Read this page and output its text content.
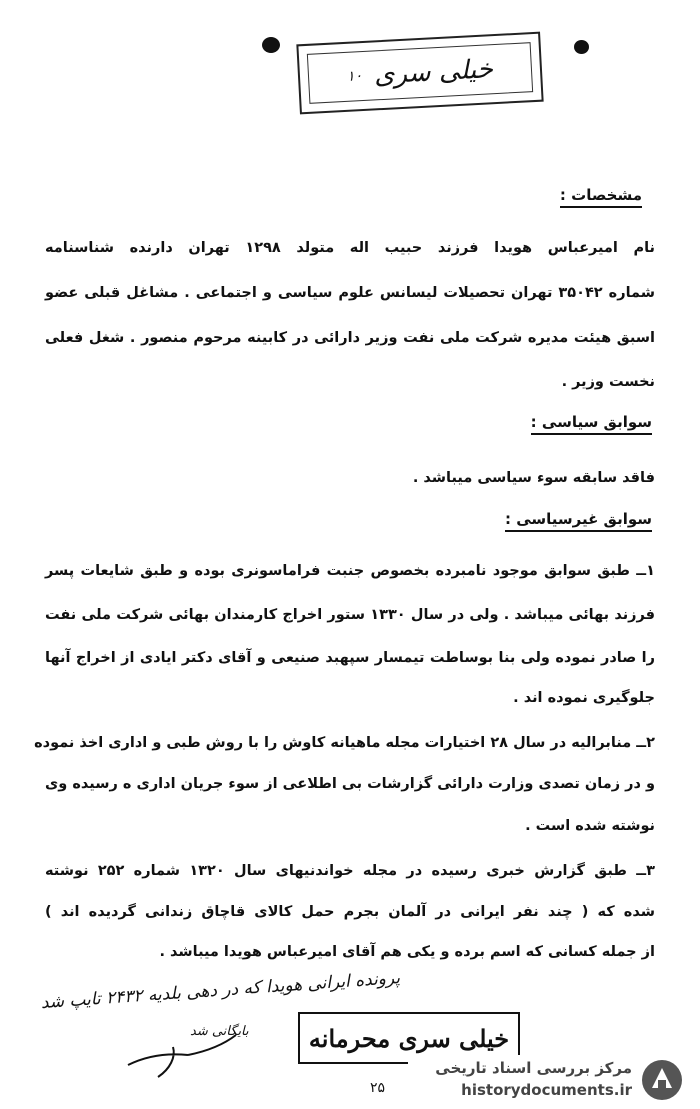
خیلی سری
۱۰
مشخصات :
نام امیرعباس هویدا فرزند حبیب اله متولد ۱۲۹۸ تهران دارنده شناسنامه
شماره ۳۵۰۴۲ تهران تحصیلات لیسانس علوم سیاسی و اجتماعی . مشاغل قبلی عضو
اسبق هیئت مدیره شرکت ملی نفت وزیر دارائی در کابینه مرحوم منصور . شغل فعلی
نخست وزیر .
سوابق سیاسی :
فاقد سابقه سوء سیاسی میباشد .
سوابق غیرسیاسی :
۱ــ طبق سوابق موجود نامبرده بخصوص جنبت فراماسونری بوده و طبق شایعات پسر
فرزند بهائی میباشد . ولی در سال ۱۳۳۰ ستور اخراج کارمندان بهائی شرکت ملی نفت
را صادر نموده ولی بنا بوساطت تیمسار سپهبد صنیعی و آقای دکتر ایادی از اخراج آنها
جلوگیری نموده اند .
۲ــ منابرالیه در سال ۲۸ اختیارات مجله ماهیانه کاوش را با روش طبی و اداری اخذ نموده
و در زمان تصدی وزارت دارائی گزارشات بی اطلاعی از سوء جریان اداری ه رسیده وی
نوشته شده است .
۳ــ طبق گزارش خبری رسیده در مجله خواندنیهای سال ۱۳۲۰ شماره ۲۵۲ نوشته
شده که ( چند نفر ایرانی در آلمان بجرم حمل کالای قاچاق زندانی گردیده اند )
از جمله کسانی که اسم برده و یکی هم آقای امیرعباس هویدا میباشد .
پرونده ایرانی هویدا که در دهی بلدیه ۲۴۳۲ تایپ شد
بایگانی شد	خیلی سری محرمانه
۲۵
مرکز بررسی اسناد تاریخی
historydocuments.ir
